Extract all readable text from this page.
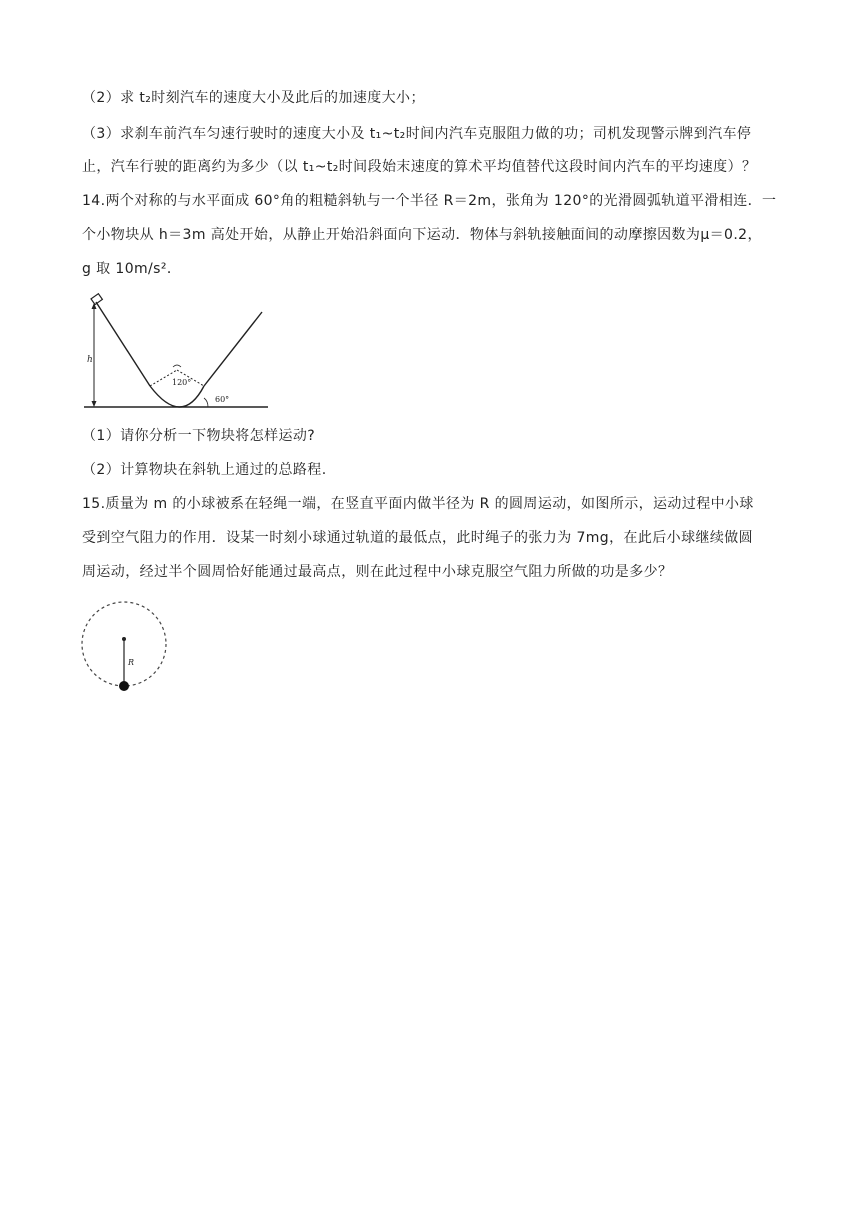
（2）求 t₂时刻汽车的速度大小及此后的加速度大小；
（3）求刹车前汽车匀速行驶时的速度大小及 t₁~t₂时间内汽车克服阻力做的功；司机发现警示牌到汽车停
止，汽车行驶的距离约为多少（以 t₁~t₂时间段始末速度的算术平均值替代这段时间内汽车的平均速度）？
14.两个对称的与水平面成 60°角的粗糙斜轨与一个半径 R＝2m，张角为 120°的光滑圆弧轨道平滑相连．一
个小物块从 h＝3m 高处开始，从静止开始沿斜面向下运动．物体与斜轨接触面间的动摩擦因数为μ＝0.2，
g 取 10m/s²．
h
120°
60°
（1）请你分析一下物块将怎样运动?
（2）计算物块在斜轨上通过的总路程.
15.质量为 m 的小球被系在轻绳一端，在竖直平面内做半径为 R 的圆周运动，如图所示，运动过程中小球
受到空气阻力的作用．设某一时刻小球通过轨道的最低点，此时绳子的张力为 7mg，在此后小球继续做圆
周运动，经过半个圆周恰好能通过最高点，则在此过程中小球克服空气阻力所做的功是多少？
R
